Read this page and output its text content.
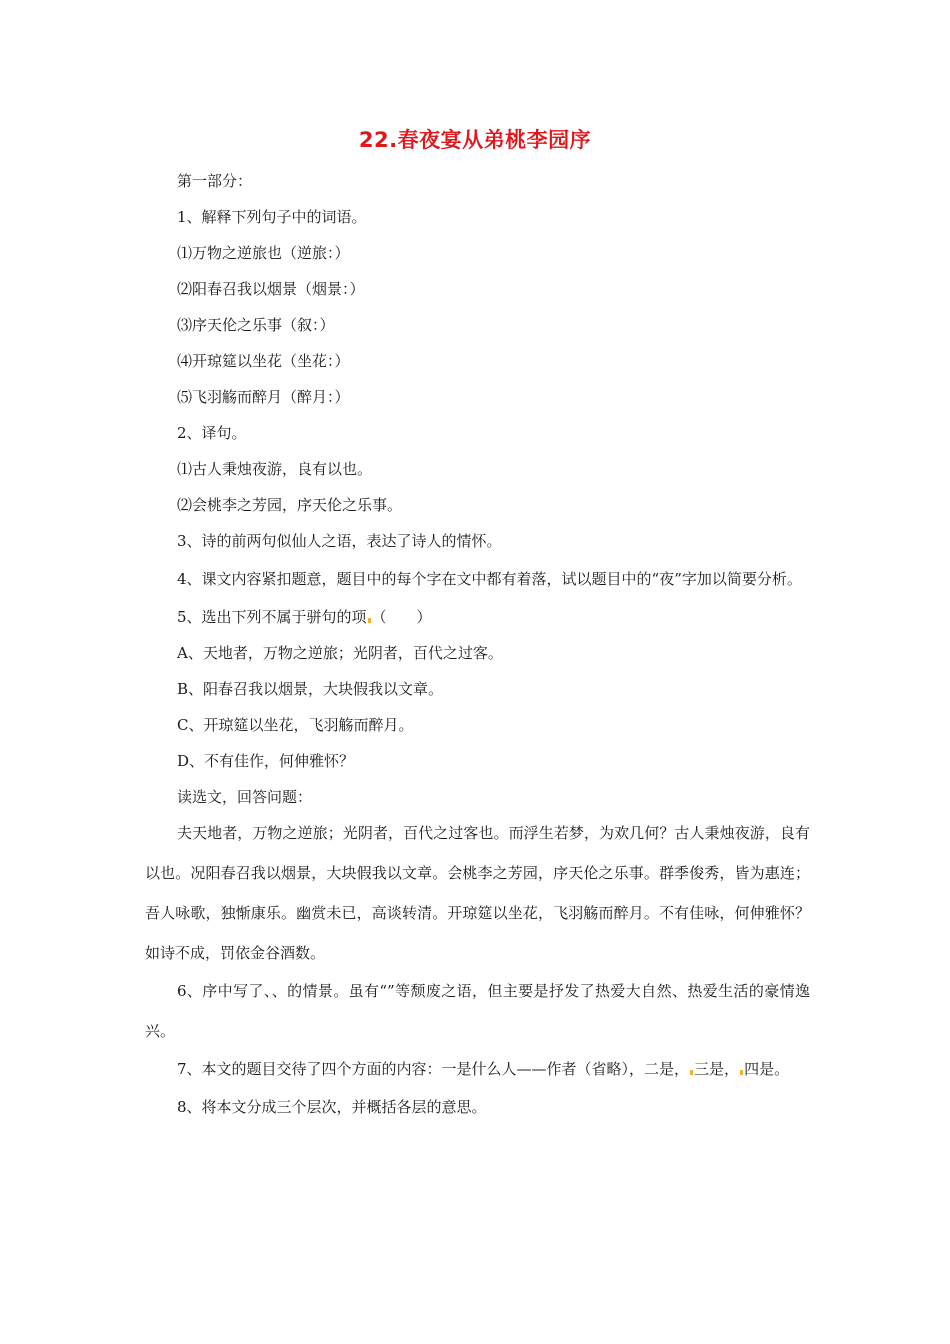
22.春夜宴从弟桃李园序

第一部分：

1、解释下列句子中的词语。

⑴万物之逆旅也（逆旅：）

⑵阳春召我以烟景（烟景：）

⑶序天伦之乐事（叙：）

⑷开琼筵以坐花（坐花：）

⑸飞羽觞而醉月（醉月：）

2、译句。

⑴古人秉烛夜游，良有以也。

⑵会桃李之芳园，序天伦之乐事。

3、诗的前两句似仙人之语，表达了诗人的情怀。

4、课文内容紧扣题意，题目中的每个字在文中都有着落，试以题目中的“夜”字加以简要分析。

5、选出下列不属于骈句的项 （　　）

A、天地者，万物之逆旅；光阴者，百代之过客。

B、阳春召我以烟景，大块假我以文章。

C、开琼筵以坐花，飞羽觞而醉月。

D、不有佳作，何伸雅怀？

读选文，回答问题：

夫天地者，万物之逆旅；光阴者，百代之过客也。而浮生若梦，为欢几何？古人秉烛夜游，良有以也。况阳春召我以烟景，大块假我以文章。会桃李之芳园，序天伦之乐事。群季俊秀，皆为惠连；吾人咏歌，独惭康乐。幽赏未已，高谈转清。开琼筵以坐花，飞羽觞而醉月。不有佳咏，何伸雅怀？如诗不成，罚依金谷酒数。

6、序中写了、、的情景。虽有“”等颓废之语，但主要是抒发了热爱大自然、热爱生活的豪情逸兴。

7、本文的题目交待了四个方面的内容：一是什么人——作者（省略），二是， 三是， 四是。

8、将本文分成三个层次，并概括各层的意思。
